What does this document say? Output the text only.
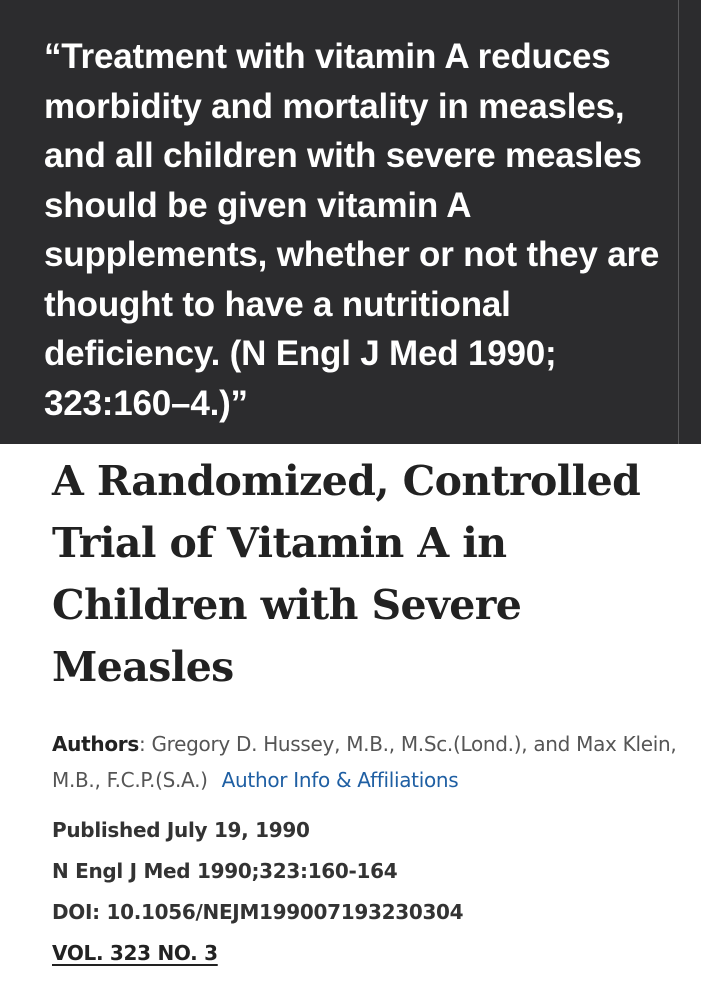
“Treatment with vitamin A reduces morbidity and mortality in measles, and all children with severe measles should be given vitamin A supplements, whether or not they are thought to have a nutritional deficiency. (N Engl J Med 1990; 323:160–4.)”

A Randomized, Controlled Trial of Vitamin A in Children with Severe Measles

Authors: Gregory D. Hussey, M.B., M.Sc.(Lond.), and Max Klein, M.B., F.C.P.(S.A.) Author Info & Affiliations

Published July 19, 1990
N Engl J Med 1990;323:160-164
DOI: 10.1056/NEJM199007193230304
VOL. 323 NO. 3
